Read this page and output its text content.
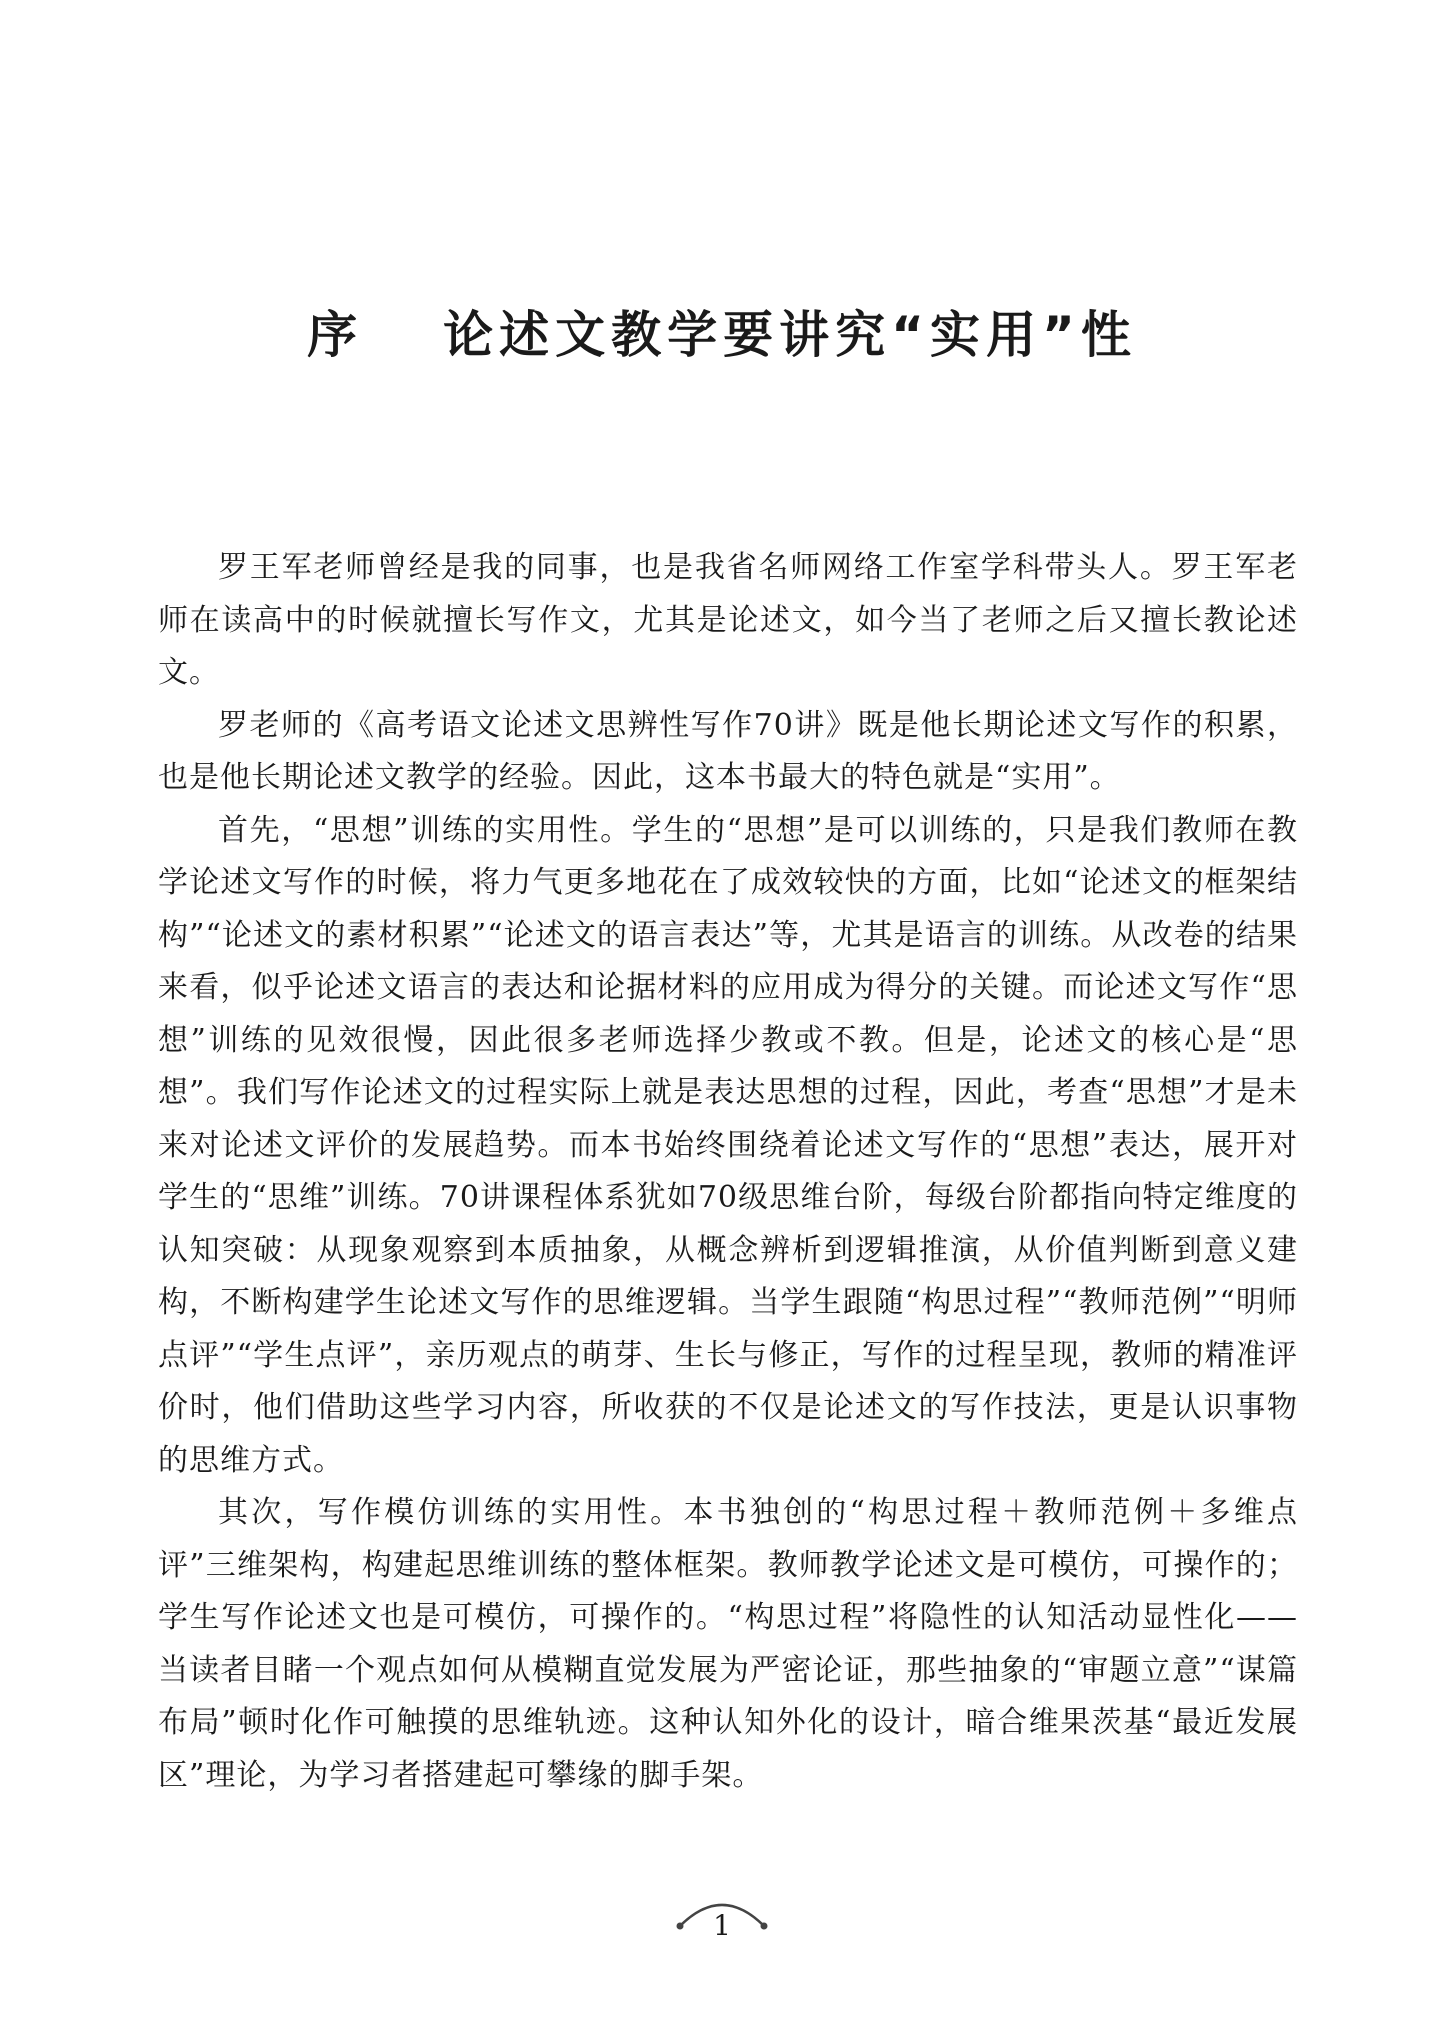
序 论述文教学要讲究“实用”性

罗王军老师曾经是我的同事，也是我省名师网络工作室学科带头人。罗王军老师在读高中的时候就擅长写作文，尤其是论述文，如今当了老师之后又擅长教论述文。

罗老师的《高考语文论述文思辨性写作70讲》既是他长期论述文写作的积累，也是他长期论述文教学的经验。因此，这本书最大的特色就是“实用”。

首先，“思想”训练的实用性。学生的“思想”是可以训练的，只是我们教师在教学论述文写作的时候，将力气更多地花在了成效较快的方面，比如“论述文的框架结构”“论述文的素材积累”“论述文的语言表达”等，尤其是语言的训练。从改卷的结果来看，似乎论述文语言的表达和论据材料的应用成为得分的关键。而论述文写作“思想”训练的见效很慢，因此很多老师选择少教或不教。但是，论述文的核心是“思想”。我们写作论述文的过程实际上就是表达思想的过程，因此，考查“思想”才是未来对论述文评价的发展趋势。而本书始终围绕着论述文写作的“思想”表达，展开对学生的“思维”训练。70讲课程体系犹如70级思维台阶，每级台阶都指向特定维度的认知突破：从现象观察到本质抽象，从概念辨析到逻辑推演，从价值判断到意义建构，不断构建学生论述文写作的思维逻辑。当学生跟随“构思过程”“教师范例”“明师点评”“学生点评”，亲历观点的萌芽、生长与修正，写作的过程呈现，教师的精准评价时，他们借助这些学习内容，所收获的不仅是论述文的写作技法，更是认识事物的思维方式。

其次，写作模仿训练的实用性。本书独创的“构思过程＋教师范例＋多维点评”三维架构，构建起思维训练的整体框架。教师教学论述文是可模仿，可操作的；学生写作论述文也是可模仿，可操作的。“构思过程”将隐性的认知活动显性化——当读者目睹一个观点如何从模糊直觉发展为严密论证，那些抽象的“审题立意”“谋篇布局”顿时化作可触摸的思维轨迹。这种认知外化的设计，暗合维果茨基“最近发展区”理论，为学习者搭建起可攀缘的脚手架。

1
